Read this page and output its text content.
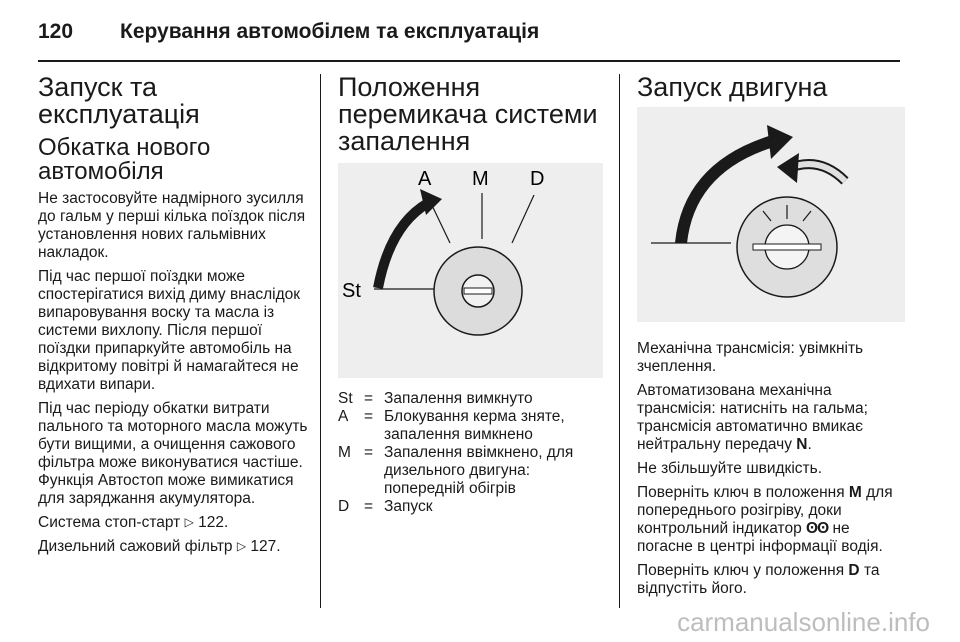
120 Керування автомобілем та експлуатація
Запуск та експлуатація
Обкатка нового автомобіля

Не застосовуйте надмірного зусилля до гальм у перші кілька поїздок після установлення нових гальмівних накладок.

Під час першої поїздки може спостерігатися вихід диму внаслідок випаровування воску та масла із системи вихлопу. Після першої поїздки припаркуйте автомобіль на відкритому повітрі й намагайтеся не вдихати випари.

Під час періоду обкатки витрати пального та моторного масла можуть бути вищими, а очищення сажового фільтра може виконуватися частіше. Функція Автостоп може вимикатися для заряджання акумулятора.

Система стоп-старт ▷ 122.

Дизельний сажовий фільтр ▷ 127.

Положення перемикача системи запалення
A M D
St
St = Запалення вимкнуто
A	= Блокування керма зняте, запалення вимкнено
M = Запалення ввімкнено, для дизельного двигуна: попередній обігрів
D = Запуск
Запуск двигуна

Механічна трансмісія: увімкніть зчеплення.

Автоматизована механічна трансмісія: натисніть на гальма; трансмісія автоматично вмикає нейтральну передачу N.

Не збільшуйте швидкість.

Поверніть ключ в положення M для попереднього розігріву, доки контрольний індикатор ʘʘ не погасне в центрі інформації водія.

Поверніть ключ у положення D та відпустіть його.

carmanualsonline.info
